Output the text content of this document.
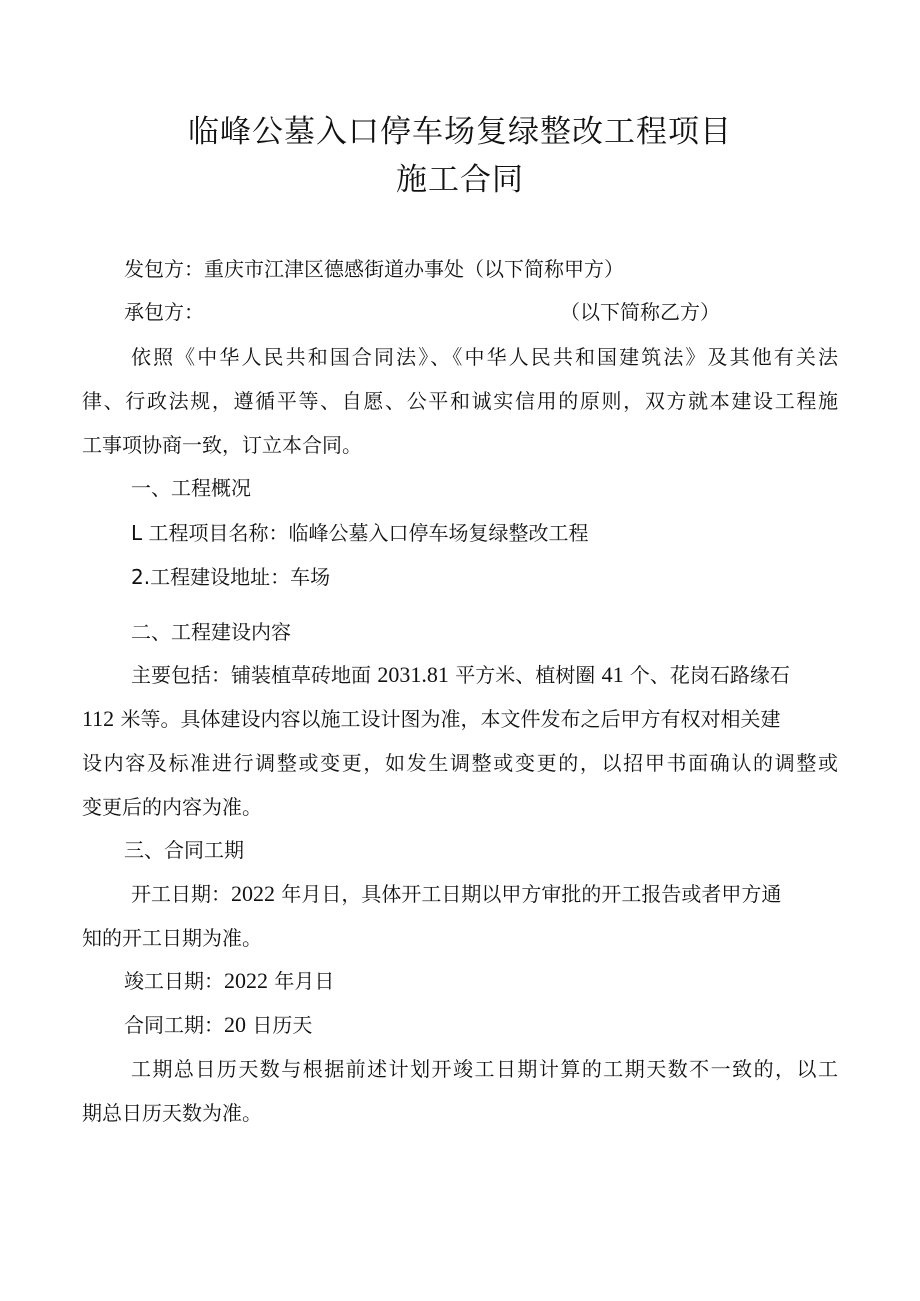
临峰公墓入口停车场复绿整改工程项目
施工合同
发包方：重庆市江津区德感街道办事处（以下简称甲方）
承包方：	（以下简称乙方）
依照《中华人民共和国合同法》、《中华人民共和国建筑法》及其他有关法
律、行政法规，遵循平等、自愿、公平和诚实信用的原则，双方就本建设工程施
工事项协商一致，订立本合同。
一、工程概况
L 工程项目名称：临峰公墓入口停车场复绿整改工程
2.工程建设地址：车场
二、工程建设内容
主要包括：铺装植草砖地面 2031.81 平方米、植树圈 41 个、花岗石路缘石
112 米等。具体建设内容以施工设计图为准，本文件发布之后甲方有权对相关建
设内容及标准进行调整或变更，如发生调整或变更的，以招甲书面确认的调整或
变更后的内容为准。
三、合同工期
开工日期：2022 年月日，具体开工日期以甲方审批的开工报告或者甲方通
知的开工日期为准。
竣工日期：2022 年月日
合同工期：20 日历天
工期总日历天数与根据前述计划开竣工日期计算的工期天数不一致的，以工
期总日历天数为准。
